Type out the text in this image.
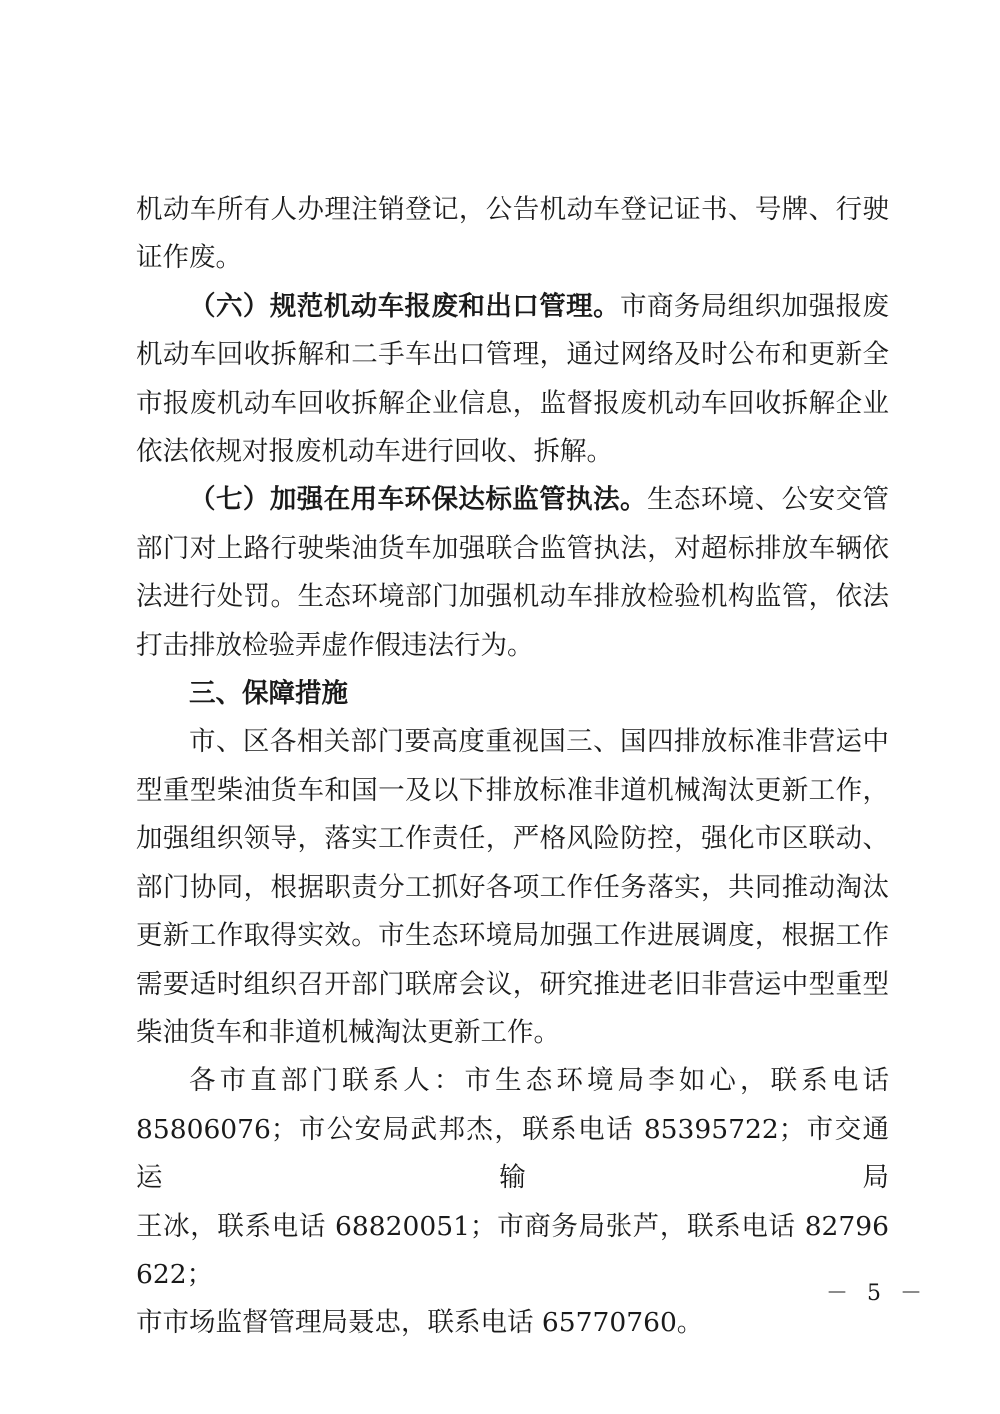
机动车所有人办理注销登记，公告机动车登记证书、号牌、行驶
证作废。
（六）规范机动车报废和出口管理。市商务局组织加强报废
机动车回收拆解和二手车出口管理，通过网络及时公布和更新全
市报废机动车回收拆解企业信息，监督报废机动车回收拆解企业
依法依规对报废机动车进行回收、拆解。
（七）加强在用车环保达标监管执法。生态环境、公安交管
部门对上路行驶柴油货车加强联合监管执法，对超标排放车辆依
法进行处罚。生态环境部门加强机动车排放检验机构监管，依法
打击排放检验弄虚作假违法行为。
三、保障措施
市、区各相关部门要高度重视国三、国四排放标准非营运中
型重型柴油货车和国一及以下排放标准非道机械淘汰更新工作，
加强组织领导，落实工作责任，严格风险防控，强化市区联动、
部门协同，根据职责分工抓好各项工作任务落实，共同推动淘汰
更新工作取得实效。市生态环境局加强工作进展调度，根据工作
需要适时组织召开部门联席会议，研究推进老旧非营运中型重型
柴油货车和非道机械淘汰更新工作。
各市直部门联系人：市生态环境局李如心，联系电话
85806076；市公安局武邦杰，联系电话 85395722；市交通运输局
王冰，联系电话 68820051；市商务局张芦，联系电话 82796622；
市市场监督管理局聂忠，联系电话 65770760。
－ 5 －
